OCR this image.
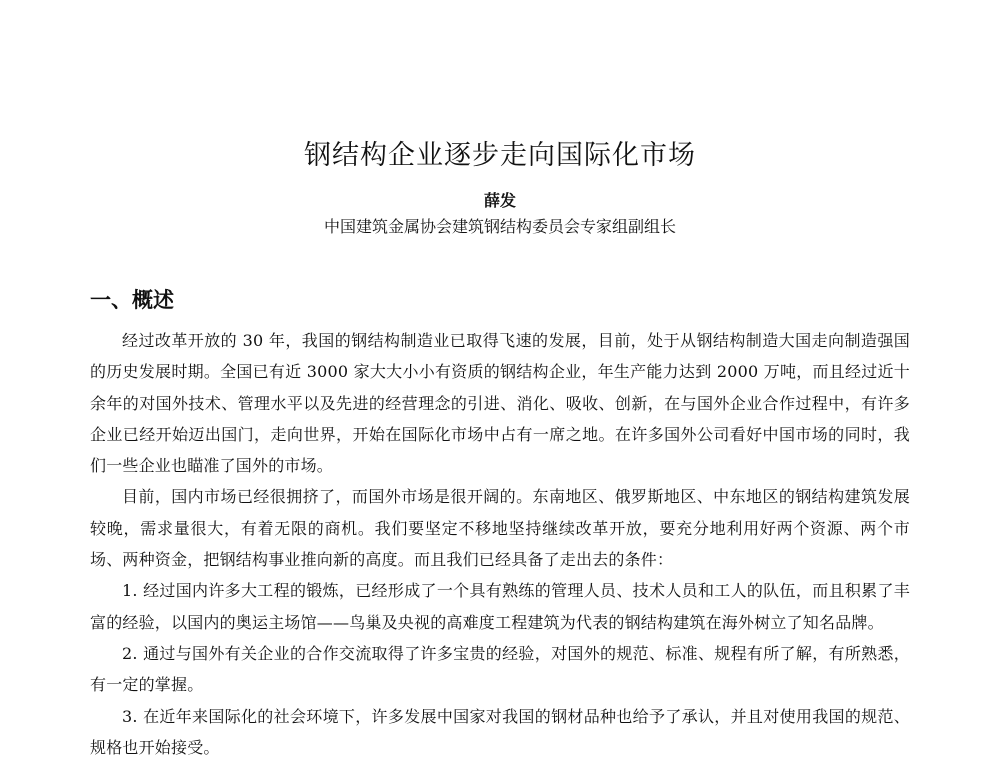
钢结构企业逐步走向国际化市场
薛发
中国建筑金属协会建筑钢结构委员会专家组副组长
一、概述

经过改革开放的 30 年，我国的钢结构制造业已取得飞速的发展，目前，处于从钢结构制造大国走向制造强国的历史发展时期。全国已有近 3000 家大大小小有资质的钢结构企业，年生产能力达到 2000 万吨，而且经过近十余年的对国外技术、管理水平以及先进的经营理念的引进、消化、吸收、创新，在与国外企业合作过程中，有许多企业已经开始迈出国门，走向世界，开始在国际化市场中占有一席之地。在许多国外公司看好中国市场的同时，我们一些企业也瞄准了国外的市场。

目前，国内市场已经很拥挤了，而国外市场是很开阔的。东南地区、俄罗斯地区、中东地区的钢结构建筑发展较晚，需求量很大，有着无限的商机。我们要坚定不移地坚持继续改革开放，要充分地利用好两个资源、两个市场、两种资金，把钢结构事业推向新的高度。而且我们已经具备了走出去的条件：

1. 经过国内许多大工程的锻炼，已经形成了一个具有熟练的管理人员、技术人员和工人的队伍，而且积累了丰富的经验，以国内的奥运主场馆——鸟巢及央视的高难度工程建筑为代表的钢结构建筑在海外树立了知名品牌。

2. 通过与国外有关企业的合作交流取得了许多宝贵的经验，对国外的规范、标准、规程有所了解，有所熟悉，有一定的掌握。

3. 在近年来国际化的社会环境下，许多发展中国家对我国的钢材品种也给予了承认，并且对使用我国的规范、规格也开始接受。
